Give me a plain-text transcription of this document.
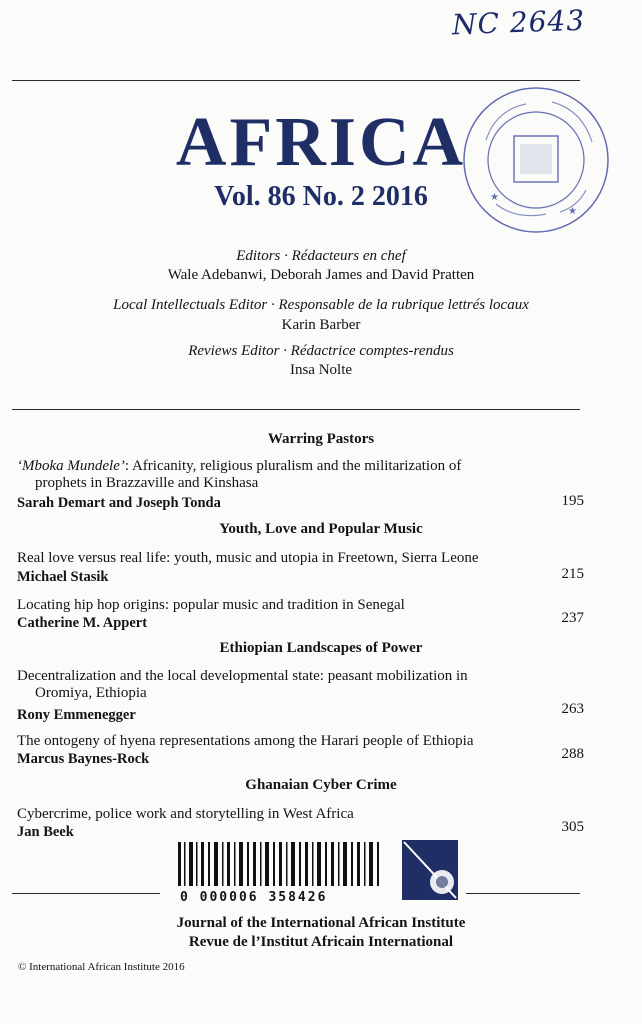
NC 2643
★
★
AFRICA
Vol. 86 No. 2 2016
Editors · Rédacteurs en chef
Wale Adebanwi, Deborah James and David Pratten
Local Intellectuals Editor · Responsable de la rubrique lettrés locaux
Karin Barber
Reviews Editor · Rédactrice comptes-rendus
Insa Nolte
Warring Pastors
‘Mboka Mundele’: Africanity, religious pluralism and the militarization of
prophets in Brazzaville and Kinshasa
Sarah Demart and Joseph Tonda	195
Youth, Love and Popular Music
Real love versus real life: youth, music and utopia in Freetown, Sierra Leone
Michael Stasik	215
Locating hip hop origins: popular music and tradition in Senegal
Catherine M. Appert	237
Ethiopian Landscapes of Power
Decentralization and the local developmental state: peasant mobilization in
Oromiya, Ethiopia
Rony Emmenegger	263
The ontogeny of hyena representations among the Harari people of Ethiopia
Marcus Baynes-Rock	288
Ghanaian Cyber Crime
Cybercrime, police work and storytelling in West Africa
Jan Beek	305
0 000006 358426
Journal of the International African Institute
Revue de l’Institut Africain International
© International African Institute 2016
